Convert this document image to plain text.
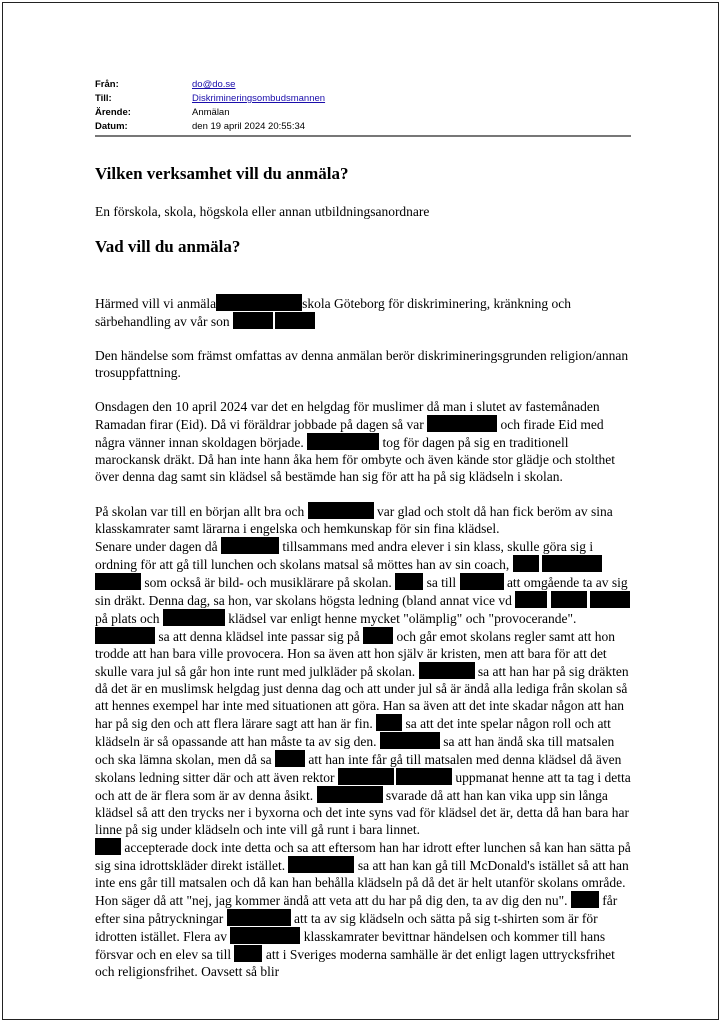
Från:	do@do.se
Till:	Diskrimineringsombudsmannen
Ärende:	Anmälan
Datum:	den 19 april 2024 20:55:34
Vilken verksamhet vill du anmäla?

En förskola, skola, högskola eller annan utbildningsanordnare

Vad vill du anmäla?

Härmed vill vi anmäla	skola Göteborg för diskriminering, kränkning och särbehandling av vår son

Den händelse som främst omfattas av denna anmälan berör diskrimineringsgrunden religion/annan trosuppfattning.

Onsdagen den 10 april 2024 var det en helgdag för muslimer då man i slutet av fastemånaden Ramadan firar (Eid). Då vi föräldrar jobbade på dagen så var	och firade Eid med några vänner innan skoldagen började.	tog för dagen på sig en traditionell marockansk dräkt. Då han inte hann åka hem för ombyte och även kände stor glädje och stolthet över denna dag samt sin klädsel så bestämde han sig för att ha på sig klädseln i skolan.

På skolan var till en början allt bra och	var glad och stolt då han fick beröm av sina klasskamrater samt lärarna i engelska och hemkunskap för sin fina klädsel.
Senare under dagen då	tillsammans med andra elever i sin klass, skulle göra sig i ordning för att gå till lunchen och skolans matsal så möttes han av sin coach,    som också är bild- och musiklärare på skolan.	sa till	att omgående ta av sig sin dräkt. Denna dag, sa hon, var skolans högsta ledning (bland annat vice vd    på plats och	klädsel var enligt henne mycket "olämplig" och "provocerande".  sa att denna klädsel inte passar sig på	och går emot skolans regler samt att hon trodde att han bara ville provocera. Hon sa även att hon själv är kristen, men att bara för att det skulle vara jul så går hon inte runt med julkläder på skolan.	sa att han har på sig dräkten då det är en muslimsk helgdag just denna dag och att under jul så är ändå alla lediga från skolan så att hennes exempel har inte med situationen att göra. Han sa även att det inte skadar någon att han har på sig den och att flera lärare sagt att han är fin. sa att det inte spelar någon roll och att klädseln är så opassande att han måste ta av sig den.	sa att han ändå ska till matsalen och ska lämna skolan, men då sa	att han inte får gå till matsalen med denna klädsel då även skolans ledning sitter där och att även rektor	uppmanat henne att ta tag i detta och att de är flera som är av denna åsikt.	svarade då att han kan vika upp sin långa klädsel så att den trycks ner i byxorna och det inte syns vad för klädsel det är, detta då han bara har linne på sig under klädseln och inte vill gå runt i bara linnet.
accepterade dock inte detta och sa att eftersom han har idrott efter lunchen så kan han sätta på sig sina idrottskläder direkt istället.	sa att han kan gå till McDonald's istället så att han inte ens går till matsalen och då kan han behålla klädseln på då det är helt utanför skolans område. Hon säger då att "nej, jag kommer ändå att veta att du har på dig den, ta av dig den nu".	får efter sina påtryckningar	att ta av sig klädseln och sätta på sig t-shirten som är för idrotten istället. Flera av	klasskamrater bevittnar händelsen och kommer till hans försvar och en elev sa till	att i Sveriges moderna samhälle är det enligt lagen uttrycksfrihet och religionsfrihet. Oavsett så blir
